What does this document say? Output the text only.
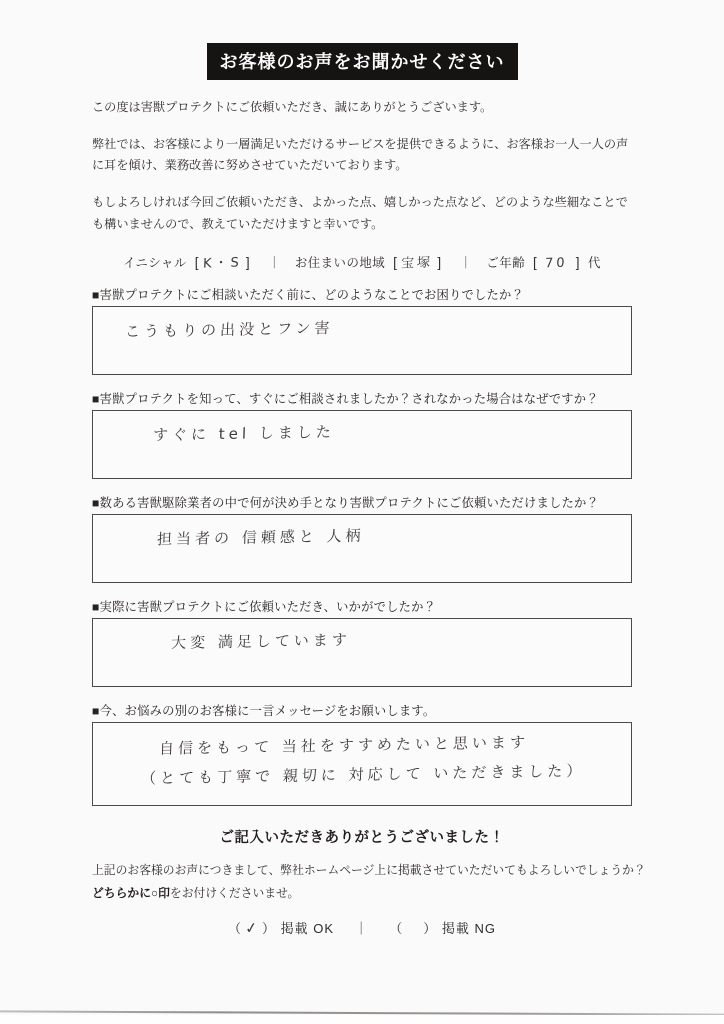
お客様のお声をお聞かせください

この度は害獣プロテクトにご依頼いただき、誠にありがとうございます。

弊社では、お客様により一層満足いただけるサービスを提供できるように、お客様お一人一人の声に耳を傾け、業務改善に努めさせていただいております。

もしよろしければ今回ご依頼いただき、よかった点、嬉しかった点など、どのような些細なことでも構いませんので、教えていただけますと幸いです。

イニシャル [ K・S ] ｜ お住まいの地域 [ 宝塚 ] ｜ ご年齢 [ 70 ] 代
■害獣プロテクトにご相談いただく前に、どのようなことでお困りでしたか？
こうもりの出没とフン害
■害獣プロテクトを知って、すぐにご相談されましたか？されなかった場合はなぜですか？
すぐに tel しました
■数ある害獣駆除業者の中で何が決め手となり害獣プロテクトにご依頼いただけましたか？
担当者の 信頼感と 人柄
■実際に害獣プロテクトにご依頼いただき、いかがでしたか？
大変 満足しています
■今、お悩みの別のお客様に一言メッセージをお願いします。
自信をもって 当社をすすめたいと思います （とても丁寧で 親切に 対応して いただきました）
ご記入いただきありがとうございました！

上記のお客様のお声につきまして、弊社ホームページ上に掲載させていただいてもよろしいでしょうか？
どちらかに○印をお付けくださいませ。

（ ✓ ） 掲載 OK ｜ （ ） 掲載 NG
